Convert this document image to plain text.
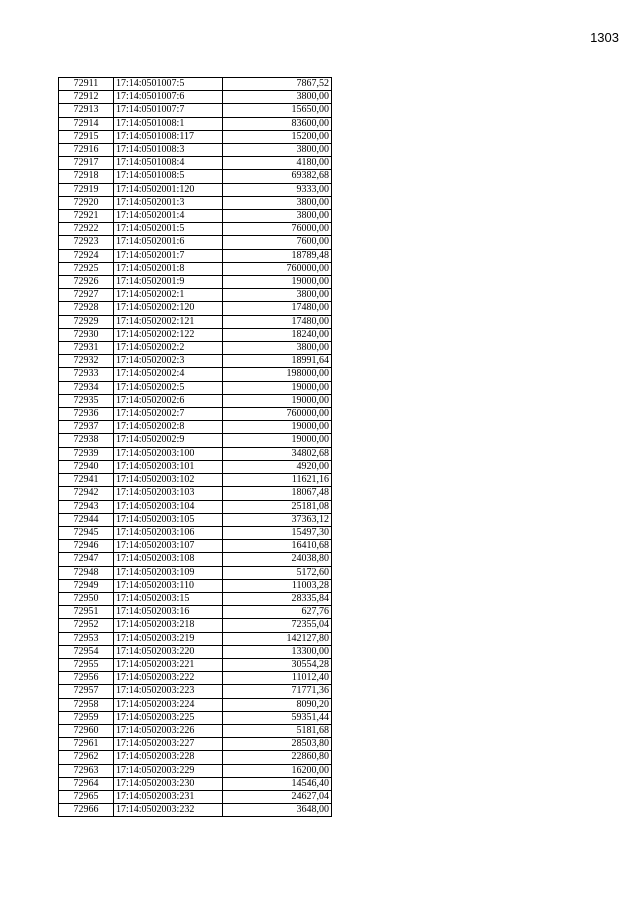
1303
72911	17:14:0501007:5	7867,52
72912	17:14:0501007:6	3800,00
72913	17:14:0501007:7	15650,00
72914	17:14:0501008:1	83600,00
72915	17:14:0501008:117	15200,00
72916	17:14:0501008:3	3800,00
72917	17:14:0501008:4	4180,00
72918	17:14:0501008:5	69382,68
72919	17:14:0502001:120	9333,00
72920	17:14:0502001:3	3800,00
72921	17:14:0502001:4	3800,00
72922	17:14:0502001:5	76000,00
72923	17:14:0502001:6	7600,00
72924	17:14:0502001:7	18789,48
72925	17:14:0502001:8	760000,00
72926	17:14:0502001:9	19000,00
72927	17:14:0502002:1	3800,00
72928	17:14:0502002:120	17480,00
72929	17:14:0502002:121	17480,00
72930	17:14:0502002:122	18240,00
72931	17:14:0502002:2	3800,00
72932	17:14:0502002:3	18991,64
72933	17:14:0502002:4	198000,00
72934	17:14:0502002:5	19000,00
72935	17:14:0502002:6	19000,00
72936	17:14:0502002:7	760000,00
72937	17:14:0502002:8	19000,00
72938	17:14:0502002:9	19000,00
72939	17:14:0502003:100	34802,68
72940	17:14:0502003:101	4920,00
72941	17:14:0502003:102	11621,16
72942	17:14:0502003:103	18067,48
72943	17:14:0502003:104	25181,08
72944	17:14:0502003:105	37363,12
72945	17:14:0502003:106	15497,30
72946	17:14:0502003:107	16410,68
72947	17:14:0502003:108	24038,80
72948	17:14:0502003:109	5172,60
72949	17:14:0502003:110	11003,28
72950	17:14:0502003:15	28335,84
72951	17:14:0502003:16	627,76
72952	17:14:0502003:218	72355,04
72953	17:14:0502003:219	142127,80
72954	17:14:0502003:220	13300,00
72955	17:14:0502003:221	30554,28
72956	17:14:0502003:222	11012,40
72957	17:14:0502003:223	71771,36
72958	17:14:0502003:224	8090,20
72959	17:14:0502003:225	59351,44
72960	17:14:0502003:226	5181,68
72961	17:14:0502003:227	28503,80
72962	17:14:0502003:228	22860,80
72963	17:14:0502003:229	16200,00
72964	17:14:0502003:230	14546,40
72965	17:14:0502003:231	24627,04
72966	17:14:0502003:232	3648,00
